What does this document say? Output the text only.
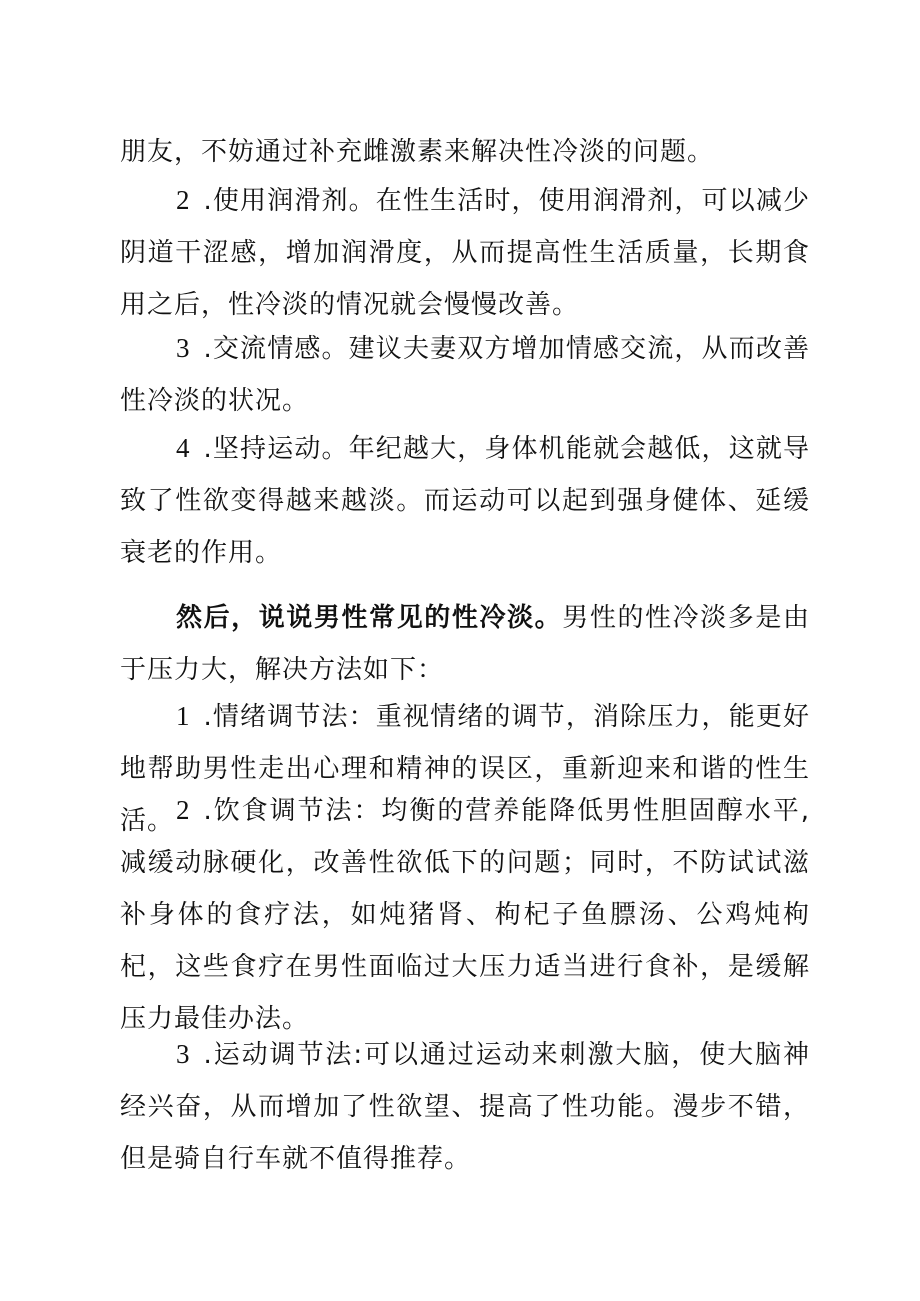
朋友，不妨通过补充雌激素来解决性冷淡的问题。

2 .使用润滑剂。在性生活时，使用润滑剂，可以减少阴道干涩感，增加润滑度，从而提高性生活质量，长期食用之后，性冷淡的情况就会慢慢改善。

3 .交流情感。建议夫妻双方增加情感交流，从而改善性冷淡的状况。

4 .坚持运动。年纪越大，身体机能就会越低，这就导致了性欲变得越来越淡。而运动可以起到强身健体、延缓衰老的作用。

然后，说说男性常见的性冷淡。男性的性冷淡多是由于压力大，解决方法如下：

1 .情绪调节法：重视情绪的调节，消除压力，能更好地帮助男性走出心理和精神的误区，重新迎来和谐的性生活。 2 .饮食调节法：均衡的营养能降低男性胆固醇水平,减缓动脉硬化，改善性欲低下的问题；同时，不防试试滋补身体的食疗法，如炖猪肾、枸杞子鱼膘汤、公鸡炖枸杞，这些食疗在男性面临过大压力适当进行食补，是缓解压力最佳办法。

3 .运动调节法:可以通过运动来刺激大脑，使大脑神经兴奋，从而增加了性欲望、提高了性功能。漫步不错，但是骑自行车就不值得推荐。
